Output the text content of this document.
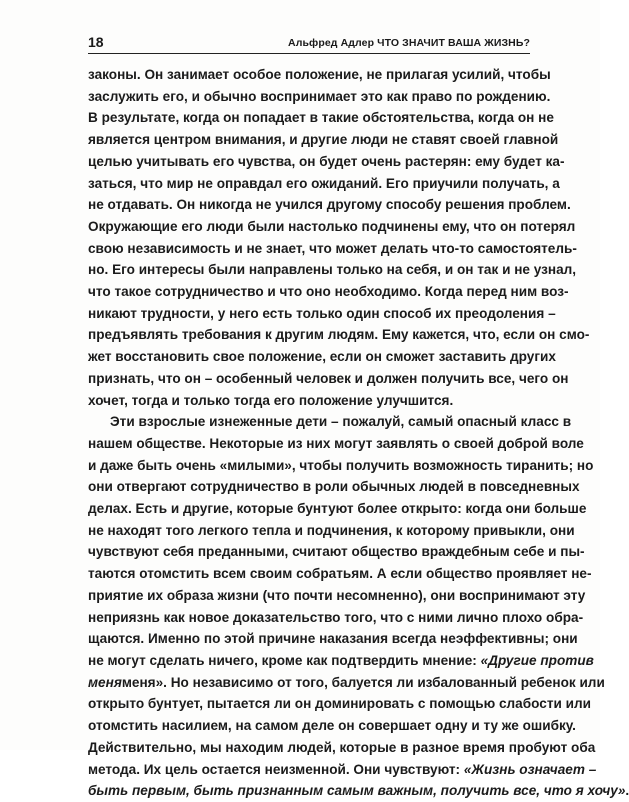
18	Альфред Адлер ЧТО ЗНАЧИТ ВАША ЖИЗНЬ?

законы. Он занимает особое положение, не прилагая усилий, чтобы
заслужить его, и обычно воспринимает это как право по рождению.
В результате, когда он попадает в такие обстоятельства, когда он не
является центром внимания, и другие люди не ставят своей главной
целью учитывать его чувства, он будет очень растерян: ему будет ка-
заться, что мир не оправдал его ожиданий. Его приучили получать, а
не отдавать. Он никогда не учился другому способу решения проблем.
Окружающие его люди были настолько подчинены ему, что он потерял
свою независимость и не знает, что может делать что-то самостоятель-
но. Его интересы были направлены только на себя, и он так и не узнал,
что такое сотрудничество и что оно необходимо. Когда перед ним воз-
никают трудности, у него есть только один способ их преодоления –
предъявлять требования к другим людям. Ему кажется, что, если он смо-
жет восстановить свое положение, если он сможет заставить других
признать, что он – особенный человек и должен получить все, чего он
хочет, тогда и только тогда его положение улучшится.

Эти взрослые изнеженные дети – пожалуй, самый опасный класс в
нашем обществе. Некоторые из них могут заявлять о своей доброй воле
и даже быть очень «милыми», чтобы получить возможность тиранить; но
они отвергают сотрудничество в роли обычных людей в повседневных
делах. Есть и другие, которые бунтуют более открыто: когда они больше
не находят того легкого тепла и подчинения, к которому привыкли, они
чувствуют себя преданными, считают общество враждебным себе и пы-
таются отомстить всем своим собратьям. А если общество проявляет не-
приятие их образа жизни (что почти несомненно), они воспринимают эту
неприязнь как новое доказательство того, что с ними лично плохо обра-
щаются. Именно по этой причине наказания всегда неэффективны; они
не могут сделать ничего, кроме как подтвердить мнение: «Другие против
меняменя». Но независимо от того, балуется ли избалованный ребенок или
открыто бунтует, пытается ли он доминировать с помощью слабости или
отомстить насилием, на самом деле он совершает одну и ту же ошибку.
Действительно, мы находим людей, которые в разное время пробуют оба
метода. Их цель остается неизменной. Они чувствуют: «Жизнь означает –
быть первым, быть признанным самым важным, получить все, что я хочу».
